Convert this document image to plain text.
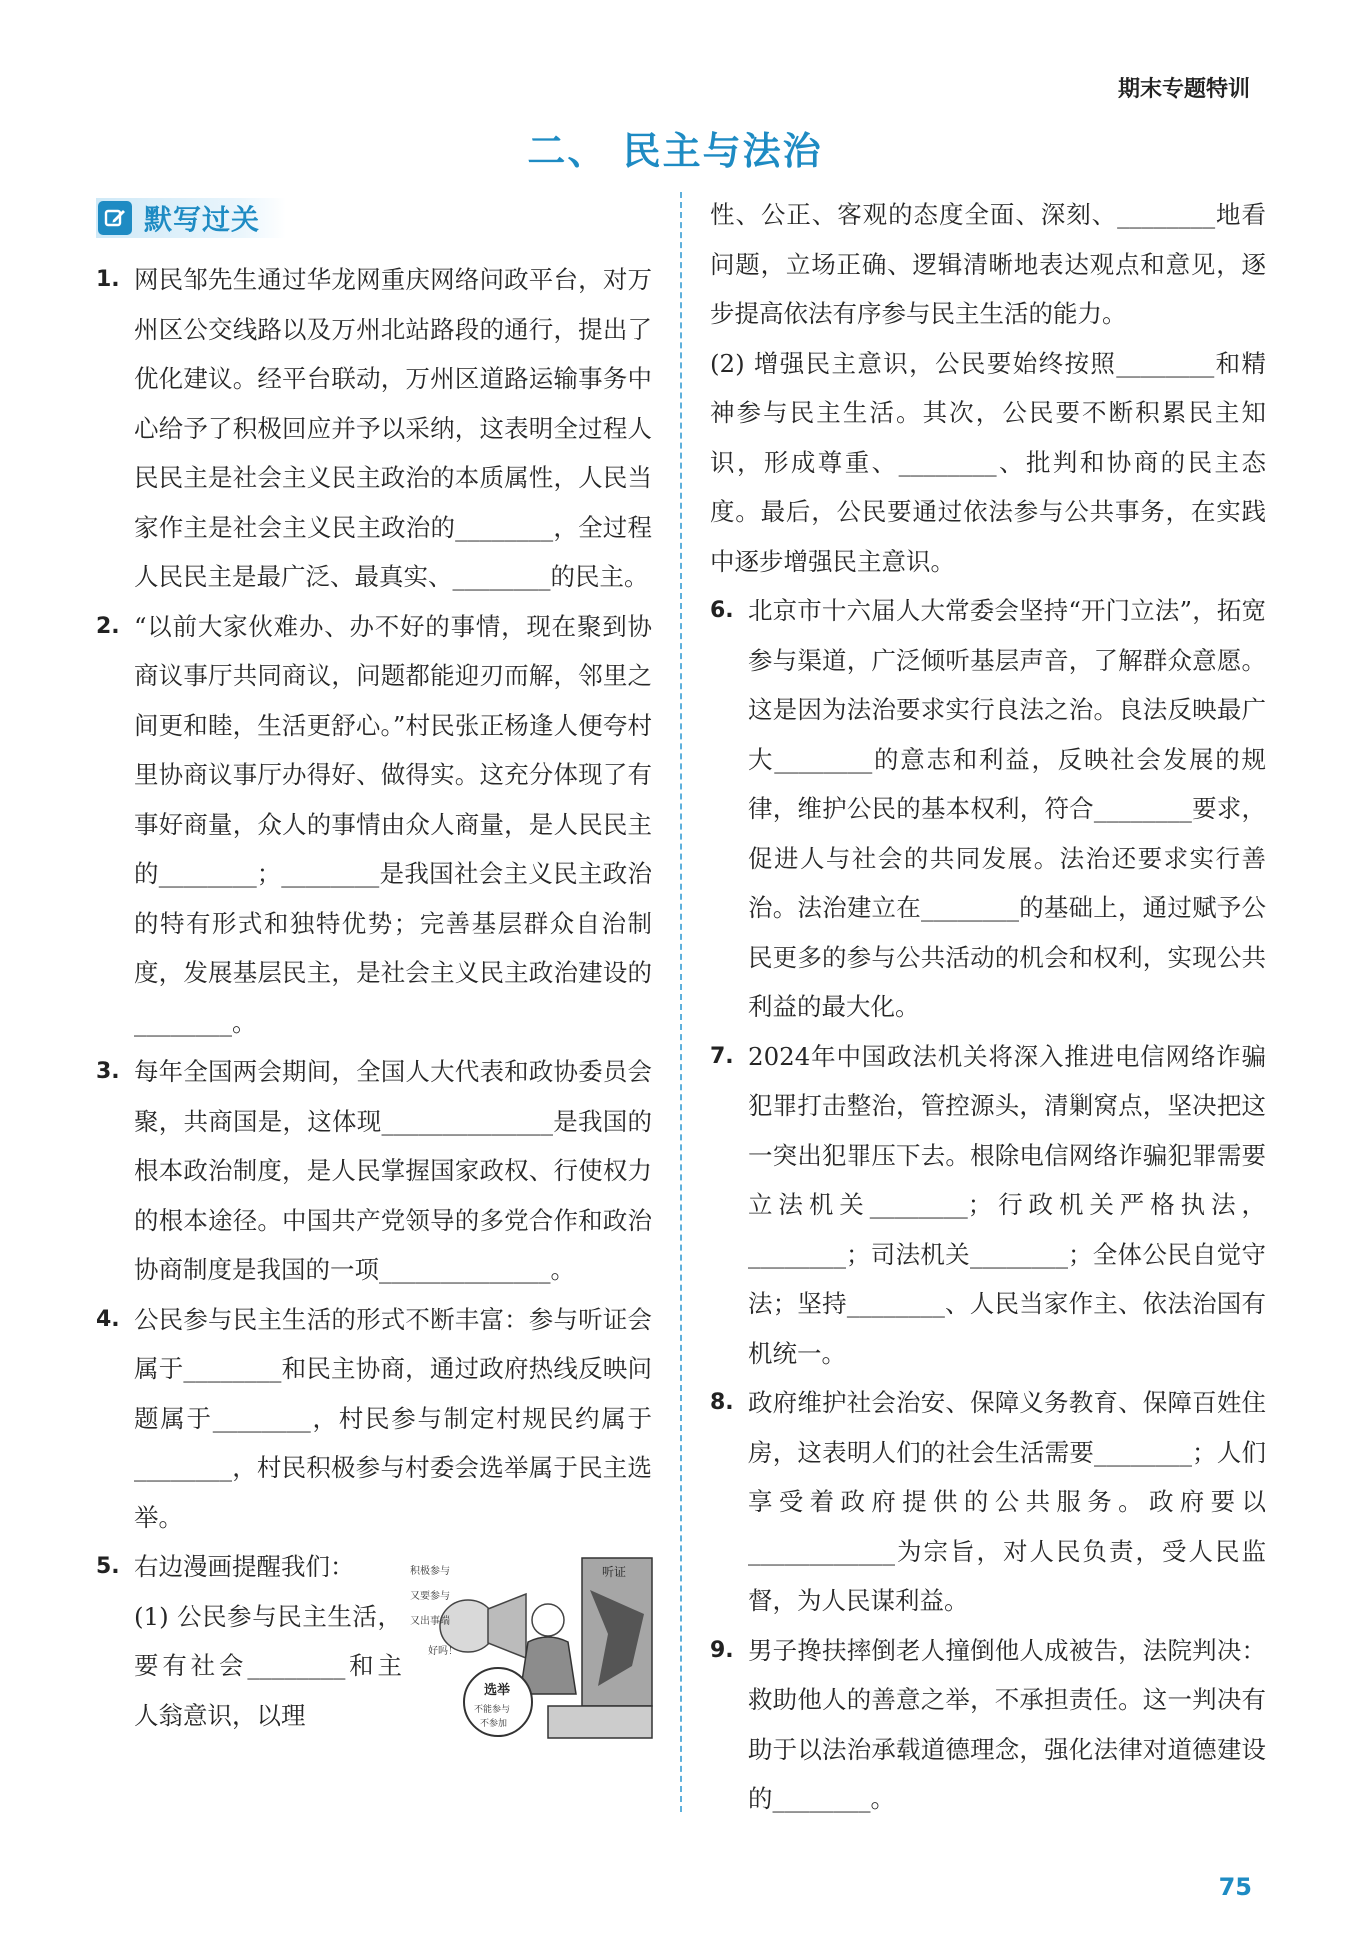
期末专题特训
二、 民主与法治
默写过关
1. 网民邹先生通过华龙网重庆网络问政平台，对万州区公交线路以及万州北站路段的通行，提出了优化建议。经平台联动，万州区道路运输事务中心给予了积极回应并予以采纳，这表明全过程人民民主是社会主义民主政治的本质属性，人民当家作主是社会主义民主政治的________，全过程人民民主是最广泛、最真实、________的民主。
2. “以前大家伙难办、办不好的事情，现在聚到协商议事厅共同商议，问题都能迎刃而解，邻里之间更和睦，生活更舒心。”村民张正杨逢人便夸村里协商议事厅办得好、做得实。这充分体现了有事好商量，众人的事情由众人商量，是人民民主的________；________是我国社会主义民主政治的特有形式和独特优势；完善基层群众自治制度，发展基层民主，是社会主义民主政治建设的________。
3. 每年全国两会期间，全国人大代表和政协委员会聚，共商国是，这体现______________是我国的根本政治制度，是人民掌握国家政权、行使权力的根本途径。中国共产党领导的多党合作和政治协商制度是我国的一项______________。
4. 公民参与民主生活的形式不断丰富：参与听证会属于________和民主协商，通过政府热线反映问题属于________，村民参与制定村规民约属于________，村民积极参与村委会选举属于民主选举。
5. 右边漫画提醒我们：
(1) 公民参与民主生活，要有社会________和主人翁意识，以理
积极参与
又要参与
又出事端
好吗！
听证
选举
不能参与
不参加
性、公正、客观的态度全面、深刻、________地看问题，立场正确、逻辑清晰地表达观点和意见，逐步提高依法有序参与民主生活的能力。
(2) 增强民主意识，公民要始终按照________和精神参与民主生活。其次，公民要不断积累民主知识，形成尊重、________、批判和协商的民主态度。最后，公民要通过依法参与公共事务，在实践中逐步增强民主意识。
6. 北京市十六届人大常委会坚持“开门立法”，拓宽参与渠道，广泛倾听基层声音，了解群众意愿。这是因为法治要求实行良法之治。良法反映最广大________的意志和利益，反映社会发展的规律，维护公民的基本权利，符合________要求，促进人与社会的共同发展。法治还要求实行善治。法治建立在________的基础上，通过赋予公民更多的参与公共活动的机会和权利，实现公共利益的最大化。
7. 2024年中国政法机关将深入推进电信网络诈骗犯罪打击整治，管控源头，清剿窝点，坚决把这一突出犯罪压下去。根除电信网络诈骗犯罪需要立法机关________；行政机关严格执法，________；司法机关________；全体公民自觉守法；坚持________、人民当家作主、依法治国有机统一。
8. 政府维护社会治安、保障义务教育、保障百姓住房，这表明人们的社会生活需要________；人们享受着政府提供的公共服务。政府要以____________为宗旨，对人民负责，受人民监督，为人民谋利益。
9. 男子搀扶摔倒老人撞倒他人成被告，法院判决：救助他人的善意之举，不承担责任。这一判决有助于以法治承载道德理念，强化法律对道德建设的________。
75
